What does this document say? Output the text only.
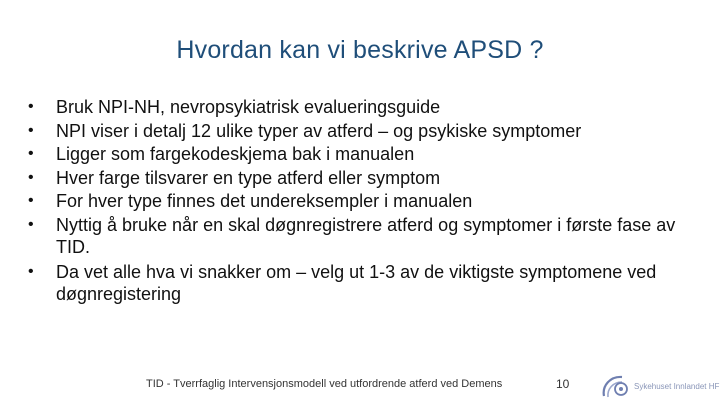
Hvordan kan vi beskrive APSD ?
• Bruk NPI-NH, nevropsykiatrisk evalueringsguide
• NPI viser i detalj 12 ulike typer av atferd – og psykiske symptomer
• Ligger som fargekodeskjema bak i manualen
• Hver farge tilsvarer en type atferd eller symptom
• For hver type finnes det undereksempler i manualen
• Nyttig å bruke når en skal døgnregistrere atferd og symptomer i første fase av TID.
• Da vet alle hva vi snakker om – velg ut 1-3 av de viktigste symptomene ved døgnregistering
TID - Tverrfaglig Intervensjonsmodell ved utfordrende atferd ved Demens	10	Sykehuset Innlandet HF
